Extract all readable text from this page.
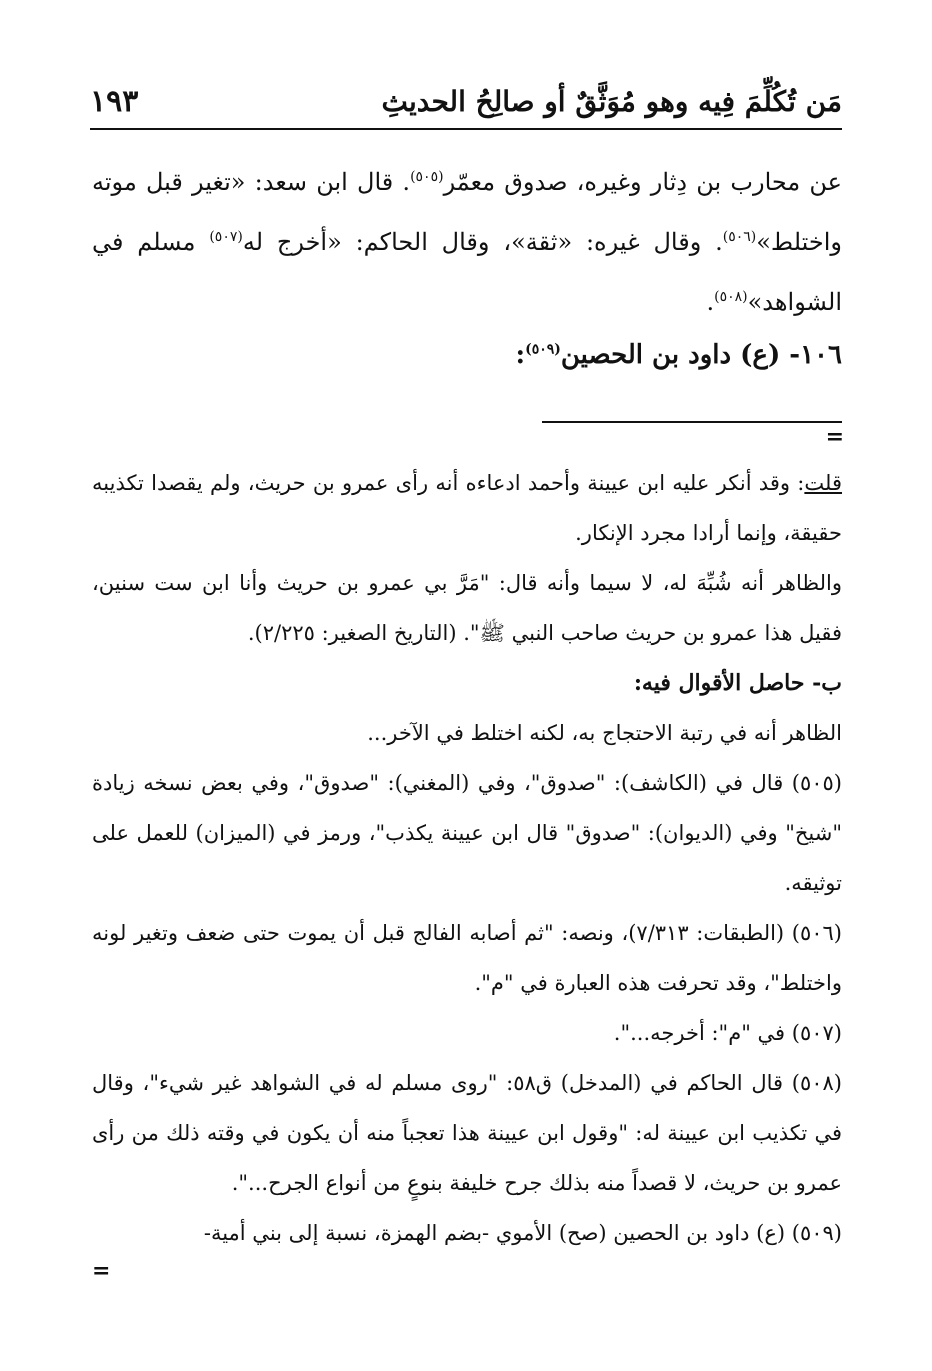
مَن تُكُلِّمَ فِيه وهو مُوَثَّقٌ أو صالِحُ الحديثِ
١٩٣

عن محارب بن دِثار وغيره، صدوق معمّر$^{(٥٠٥)}$. قال ابن سعد: «تغير قبل موته واختلط»$^{(٥٠٦)}$. وقال غيره: «ثقة»، وقال الحاكم: «أخرج له$^{(٥٠٧)}$ مسلم في الشواهد»$^{(٥٠٨)}$.

١٠٦- (ع) داود بن الحصين$^{(٥٠٩)}$:
=

قلت: وقد أنكر عليه ابن عيينة وأحمد ادعاءه أنه رأى عمرو بن حريث، ولم يقصدا تكذيبه حقيقة، وإنما أرادا مجرد الإنكار.

والظاهر أنه شُبِّهَ له، لا سيما وأنه قال: "مَرَّ بي عمرو بن حريث وأنا ابن ست سنين، فقيل هذا عمرو بن حريث صاحب النبي ﷺ". (التاريخ الصغير: ٢/٢٢٥).

ب- حاصل الأقوال فيه:

الظاهر أنه في رتبة الاحتجاج به، لكنه اختلط في الآخر...

(٥٠٥) قال في (الكاشف): "صدوق"، وفي (المغني): "صدوق"، وفي بعض نسخه زيادة "شيخ" وفي (الديوان): "صدوق" قال ابن عيينة يكذب"، ورمز في (الميزان) للعمل على توثيقه.

(٥٠٦) (الطبقات: ٧/٣١٣)، ونصه: "ثم أصابه الفالج قبل أن يموت حتى ضعف وتغير لونه واختلط"، وقد تحرفت هذه العبارة في "م".

(٥٠٧) في "م": أخرجه...".

(٥٠٨) قال الحاكم في (المدخل) ق٥٨: "روى مسلم له في الشواهد غير شيء"، وقال في تكذيب ابن عيينة له: "وقول ابن عيينة هذا تعجباً منه أن يكون في وقته ذلك من رأى عمرو بن حريث، لا قصداً منه بذلك جرح خليفة بنوعٍ من أنواع الجرح...".

(٥٠٩) (ع) داود بن الحصين (صح) الأموي -بضم الهمزة، نسبة إلى بني أمية-

=
